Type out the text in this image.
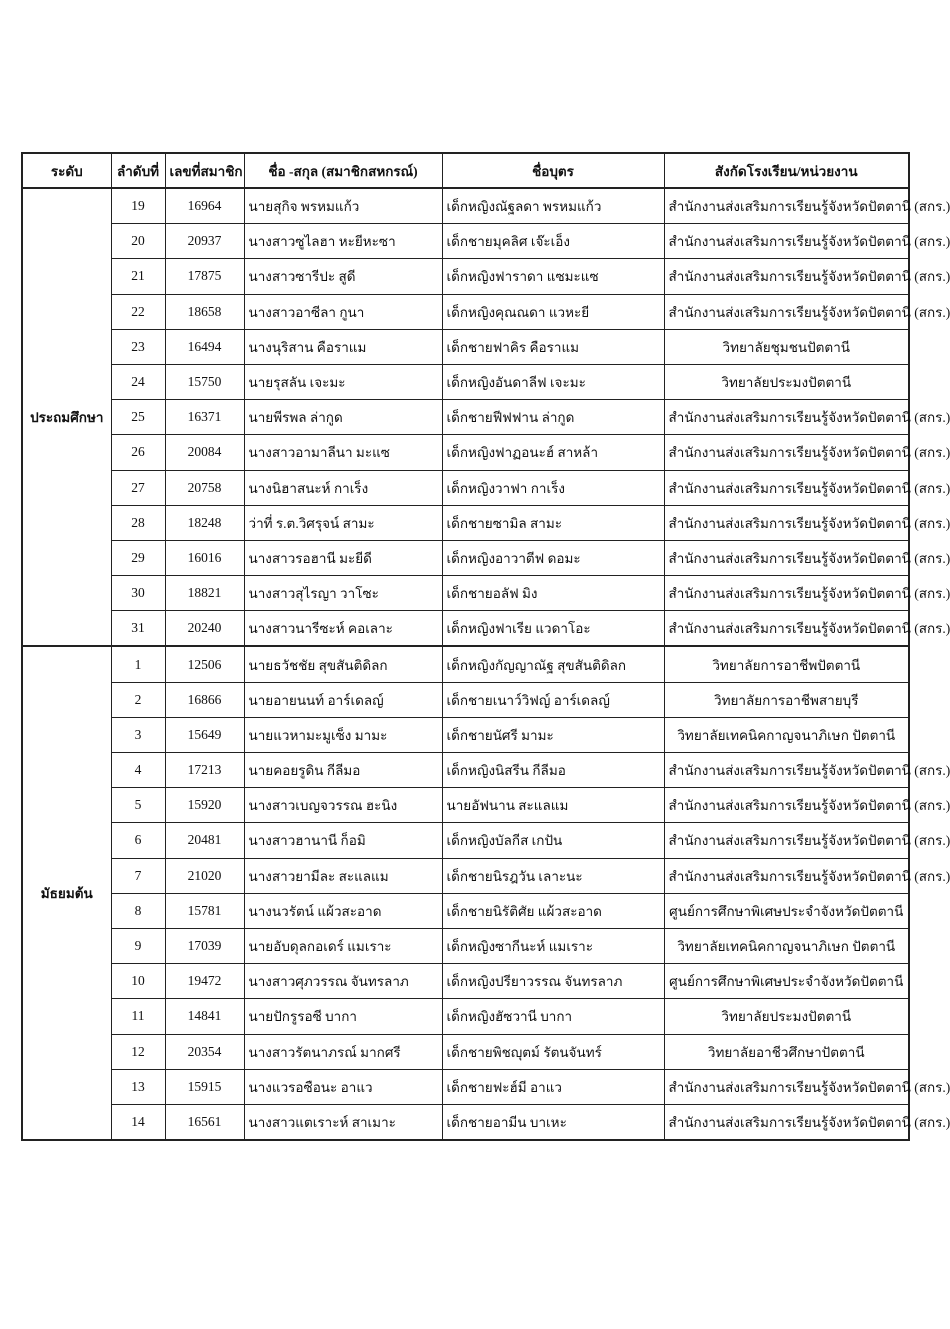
ระดับ	ลำดับที่	เลขที่สมาชิก	ชื่อ -สกุล (สมาชิกสหกรณ์)	ชื่อบุตร	สังกัดโรงเรียน/หน่วยงาน
ประถมศึกษา	19	16964	นายสุกิจ พรหมแก้ว	เด็กหญิงณัฐลดา พรหมแก้ว	สำนักงานส่งเสริมการเรียนรู้จังหวัดปัตตานี (สกร.)
	20	20937	นางสาวซูไลฮา หะยีหะซา	เด็กชายมุคลิศ เจ๊ะเอ็ง	สำนักงานส่งเสริมการเรียนรู้จังหวัดปัตตานี (สกร.)
	21	17875	นางสาวซารีปะ สูดี	เด็กหญิงฟาราดา แซมะแซ	สำนักงานส่งเสริมการเรียนรู้จังหวัดปัตตานี (สกร.)
	22	18658	นางสาวอาซีลา กูนา	เด็กหญิงคุณณดา แวหะยี	สำนักงานส่งเสริมการเรียนรู้จังหวัดปัตตานี (สกร.)
	23	16494	นางนุริสาน คือราแม	เด็กชายฟาคิร คือราแม	วิทยาลัยชุมชนปัตตานี
	24	15750	นายรุสลัน เจะมะ	เด็กหญิงอันดาลีฟ เจะมะ	วิทยาลัยประมงปัตตานี
	25	16371	นายพีรพล ล่ากูด	เด็กชายฟีฟฟาน ล่ากูด	สำนักงานส่งเสริมการเรียนรู้จังหวัดปัตตานี (สกร.)
	26	20084	นางสาวอามาลีนา มะแซ	เด็กหญิงฟาฏอนะฮ์ สาหล้า	สำนักงานส่งเสริมการเรียนรู้จังหวัดปัตตานี (สกร.)
	27	20758	นางนิฮาสนะห์ กาเร็ง	เด็กหญิงวาฟา กาเร็ง	สำนักงานส่งเสริมการเรียนรู้จังหวัดปัตตานี (สกร.)
	28	18248	ว่าที่ ร.ต.วิศรุจน์ สามะ	เด็กชายซามิล สามะ	สำนักงานส่งเสริมการเรียนรู้จังหวัดปัตตานี (สกร.)
	29	16016	นางสาวรอฮานี มะยีดี	เด็กหญิงอาวาตีฟ ดอมะ	สำนักงานส่งเสริมการเรียนรู้จังหวัดปัตตานี (สกร.)
	30	18821	นางสาวสุไรญา วาโซะ	เด็กชายอลัฟ มิง	สำนักงานส่งเสริมการเรียนรู้จังหวัดปัตตานี (สกร.)
	31	20240	นางสาวนารีซะห์ คอเลาะ	เด็กหญิงฟาเรีย แวดาโอะ	สำนักงานส่งเสริมการเรียนรู้จังหวัดปัตตานี (สกร.)
มัธยมต้น	1	12506	นายธวัชชัย สุขสันติดิลก	เด็กหญิงกัญญาณัฐ สุขสันติดิลก	วิทยาลัยการอาชีพปัตตานี
	2	16866	นายอายนนท์ อาร์เดลญ์	เด็กชายเนาว์วิฟญ์ อาร์เดลญ์	วิทยาลัยการอาชีพสายบุรี
	3	15649	นายแวหามะมูเซ็ง มามะ	เด็กชายนัศรี มามะ	วิทยาลัยเทคนิคกาญจนาภิเษก ปัตตานี
	4	17213	นายคอยรูดิน กีลีมอ	เด็กหญิงนิสรีน กีลีมอ	สำนักงานส่งเสริมการเรียนรู้จังหวัดปัตตานี (สกร.)
	5	15920	นางสาวเบญจวรรณ ฮะนิง	นายอัฟนาน สะแลแม	สำนักงานส่งเสริมการเรียนรู้จังหวัดปัตตานี (สกร.)
	6	20481	นางสาวฮานานี ก็อมิ	เด็กหญิงบัลกีส เกปัน	สำนักงานส่งเสริมการเรียนรู้จังหวัดปัตตานี (สกร.)
	7	21020	นางสาวยามีละ สะแลแม	เด็กชายนิรฎวัน เลาะนะ	สำนักงานส่งเสริมการเรียนรู้จังหวัดปัตตานี (สกร.)
	8	15781	นางนวรัตน์ แผ้วสะอาด	เด็กชายนิรัติศัย แผ้วสะอาด	ศูนย์การศึกษาพิเศษประจำจังหวัดปัตตานี
	9	17039	นายอับดุลกอเดร์ แมเราะ	เด็กหญิงซากีนะห์ แมเราะ	วิทยาลัยเทคนิคกาญจนาภิเษก ปัตตานี
	10	19472	นางสาวศุภวรรณ จันทรลาภ	เด็กหญิงปรียาวรรณ จันทรลาภ	ศูนย์การศึกษาพิเศษประจำจังหวัดปัตตานี
	11	14841	นายปักรูรอซี บากา	เด็กหญิงฮัซวานี บากา	วิทยาลัยประมงปัตตานี
	12	20354	นางสาวรัตนาภรณ์ มากศรี	เด็กชายพิชญุตม์ รัตนจันทร์	วิทยาลัยอาชีวศึกษาปัตตานี
	13	15915	นางแวรอซือนะ อาแว	เด็กชายฟะฮ์มี อาแว	สำนักงานส่งเสริมการเรียนรู้จังหวัดปัตตานี (สกร.)
	14	16561	นางสาวแตเราะห์ สาเมาะ	เด็กชายอามีน บาเหะ	สำนักงานส่งเสริมการเรียนรู้จังหวัดปัตตานี (สกร.)
